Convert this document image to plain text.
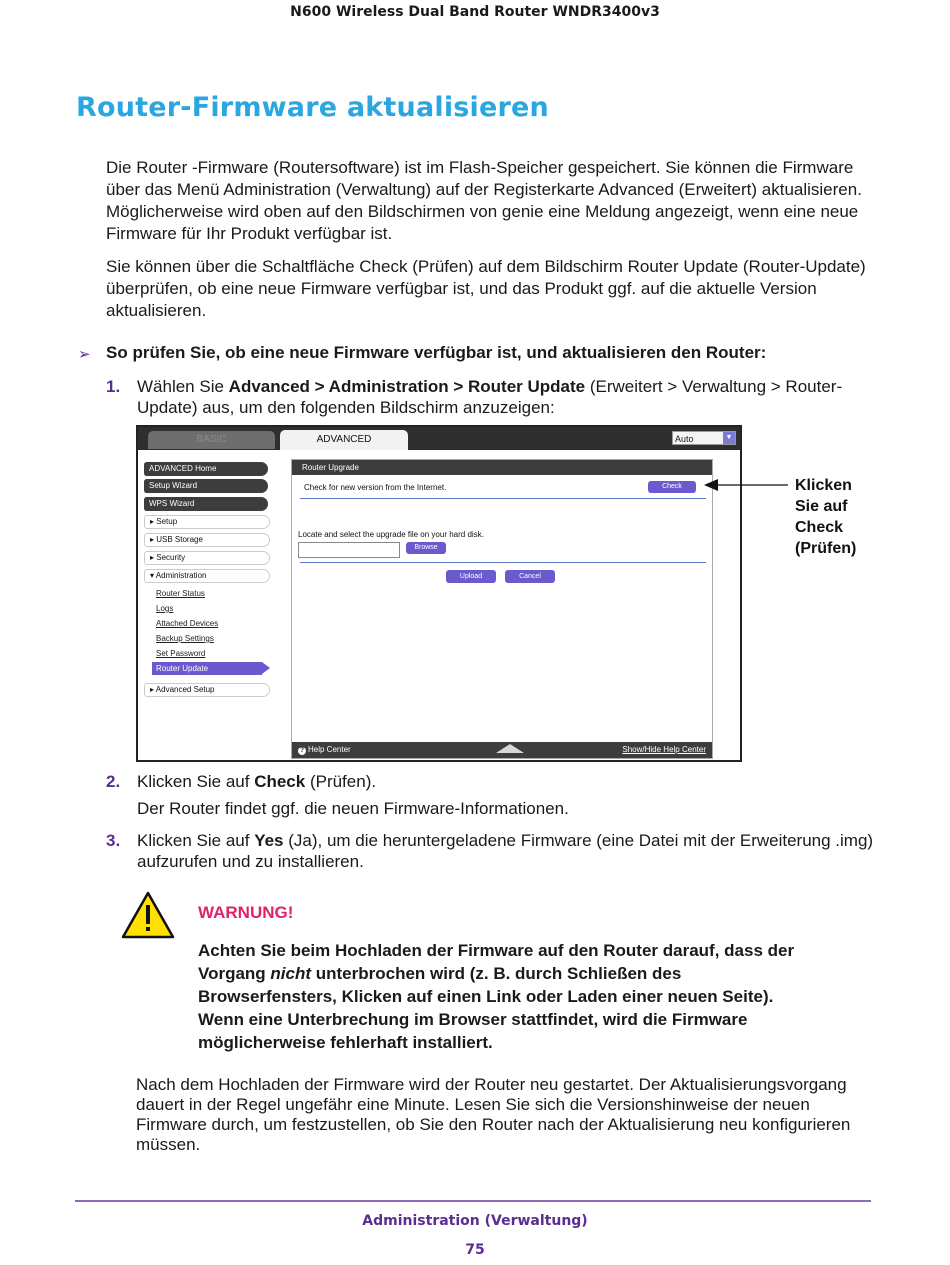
N600 Wireless Dual Band Router WNDR3400v3
Router-Firmware aktualisieren
Die Router -Firmware (Routersoftware) ist im Flash-Speicher gespeichert. Sie können die Firmware über das Menü Administration (Verwaltung) auf der Registerkarte Advanced (Erweitert) aktualisieren. Möglicherweise wird oben auf den Bildschirmen von genie eine Meldung angezeigt, wenn eine neue Firmware für Ihr Produkt verfügbar ist.
Sie können über die Schaltfläche Check (Prüfen) auf dem Bildschirm Router Update (Router-Update) überprüfen, ob eine neue Firmware verfügbar ist, und das Produkt ggf. auf die aktuelle Version aktualisieren.
➢ So prüfen Sie, ob eine neue Firmware verfügbar ist, und aktualisieren den Router:
1. Wählen Sie Advanced > Administration > Router Update (Erweitert > Verwaltung > Router-Update) aus, um den folgenden Bildschirm anzuzeigen:
BASIC	ADVANCED	Auto	▼
ADVANCED Home
Setup Wizard
WPS Wizard
▸ Setup
▸ USB Storage
▸ Security
▾ Administration
Router Status
Logs
Attached Devices
Backup Settings
Set Password
Router Update
▸ Advanced Setup
Router Upgrade
Check for new version from the Internet.	Check
Locate and select the upgrade file on your hard disk.
Browse
Upload	Cancel
? Help Center	Show/Hide Help Center
Klicken
Sie auf
Check
(Prüfen)
2. Klicken Sie auf Check (Prüfen).
Der Router findet ggf. die neuen Firmware-Informationen.
3. Klicken Sie auf Yes (Ja), um die heruntergeladene Firmware (eine Datei mit der Erweiterung .img) aufzurufen und zu installieren.
WARNUNG!
Achten Sie beim Hochladen der Firmware auf den Router darauf, dass der Vorgang nicht unterbrochen wird (z. B. durch Schließen des Browserfensters, Klicken auf einen Link oder Laden einer neuen Seite). Wenn eine Unterbrechung im Browser stattfindet, wird die Firmware möglicherweise fehlerhaft installiert.
Nach dem Hochladen der Firmware wird der Router neu gestartet. Der Aktualisierungsvorgang dauert in der Regel ungefähr eine Minute. Lesen Sie sich die Versionshinweise der neuen Firmware durch, um festzustellen, ob Sie den Router nach der Aktualisierung neu konfigurieren müssen.
Administration (Verwaltung)
75
